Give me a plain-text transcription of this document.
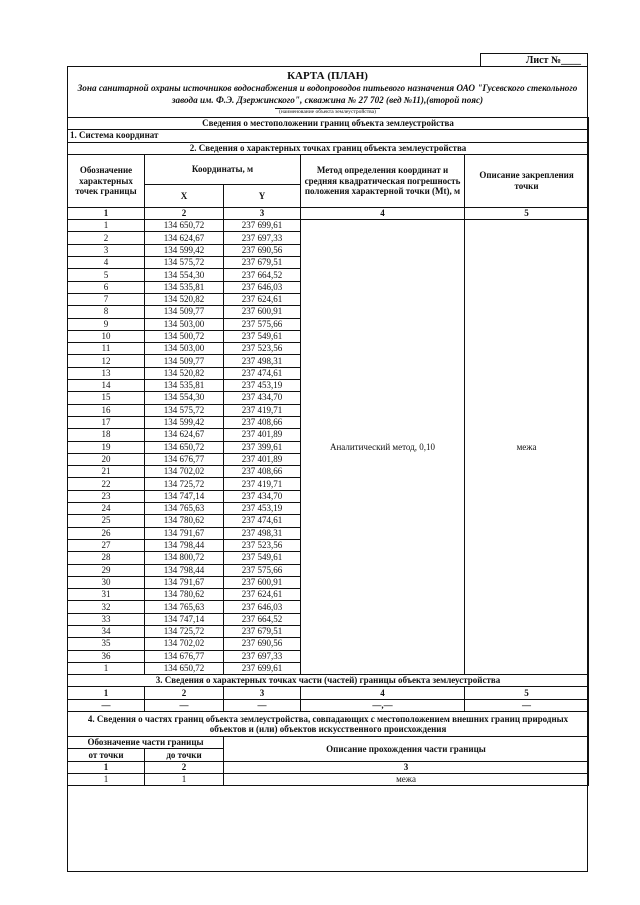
Лист №____
КАРТА (ПЛАН)
Зона санитарной охраны источников водоснабжения и водопроводов питьевого назначения ОАО "Гусевского стекольного завода им. Ф.Э. Дзержинского", скважина № 27 702 (вед №11),(второй пояс)
(наименование объекта землеустройства)
Сведения о местоположении границ объекта землеустройства				
1. Система координат				
2. Сведения о характерных точках границ объекта землеустройства				
Обозначение характерных точек границы	Координаты, м		Метод определения координат и средняя квадратическая погрешность положения характерной точки (Mt), м	Описание закрепления точки
	X	Y		
1	2	3	4	5
1	134 650,72	237 699,61	Аналитический метод, 0,10	межа
2	134 624,67	237 697,33		
3	134 599,42	237 690,56		
4	134 575,72	237 679,51		
5	134 554,30	237 664,52		
6	134 535,81	237 646,03		
7	134 520,82	237 624,61		
8	134 509,77	237 600,91		
9	134 503,00	237 575,66		
10	134 500,72	237 549,61		
11	134 503,00	237 523,56		
12	134 509,77	237 498,31		
13	134 520,82	237 474,61		
14	134 535,81	237 453,19		
15	134 554,30	237 434,70		
16	134 575,72	237 419,71		
17	134 599,42	237 408,66		
18	134 624,67	237 401,89		
19	134 650,72	237 399,61		
20	134 676,77	237 401,89		
21	134 702,02	237 408,66		
22	134 725,72	237 419,71		
23	134 747,14	237 434,70		
24	134 765,63	237 453,19		
25	134 780,62	237 474,61		
26	134 791,67	237 498,31		
27	134 798,44	237 523,56		
28	134 800,72	237 549,61		
29	134 798,44	237 575,66		
30	134 791,67	237 600,91		
31	134 780,62	237 624,61		
32	134 765,63	237 646,03		
33	134 747,14	237 664,52		
34	134 725,72	237 679,51		
35	134 702,02	237 690,56		
36	134 676,77	237 697,33		
1	134 650,72	237 699,61		
3. Сведения о характерных точках части (частей) границы объекта землеустройства				
1	2	3	4	5
—	—	—	—,—	—
4. Сведения о частях границ объекта землеустройства, совпадающих с местоположением внешних границ природных объектов и (или) объектов искусственного происхождения				
Обозначение части границы		Описание прохождения части границы		
от точки	до точки			
1	2	3		
1	1	межа		
